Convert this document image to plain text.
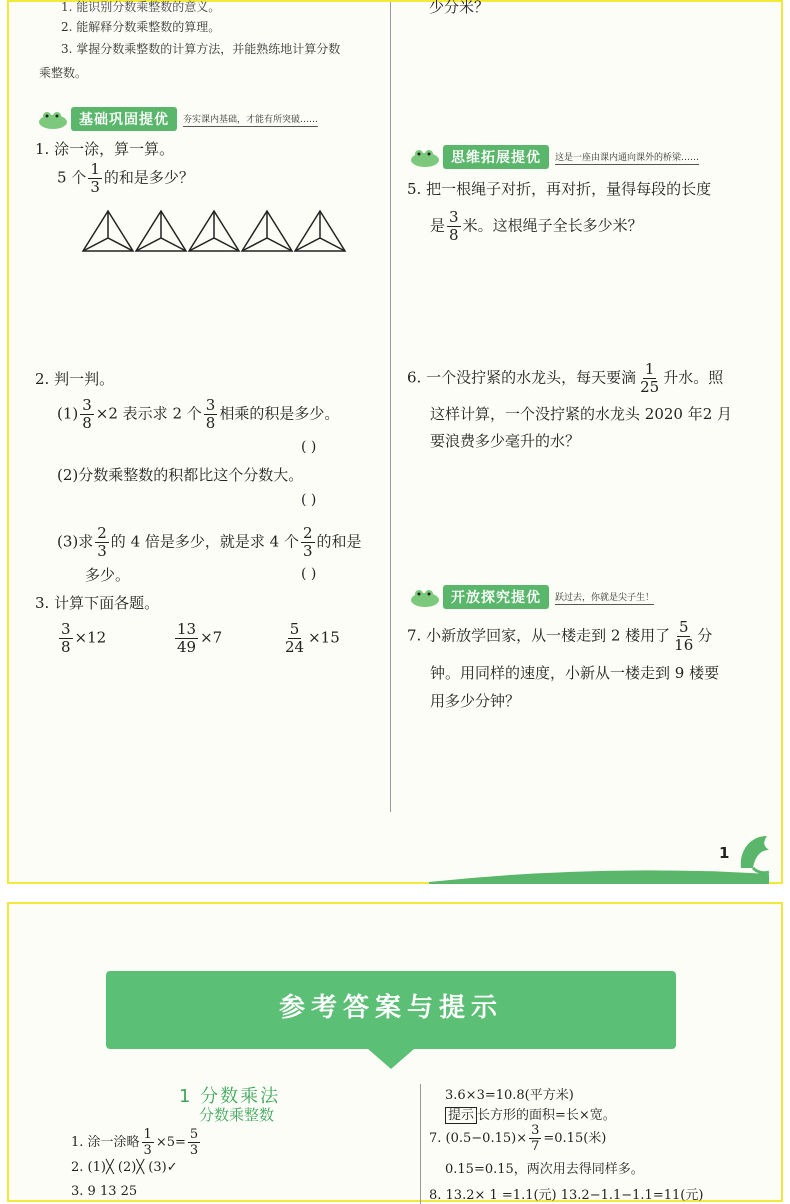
1. 能识别分数乘整数的意义。
2. 能解释分数乘整数的算理。
3. 掌握分数乘整数的计算方法，并能熟练地计算分数
乘整数。
少分米？
基础巩固提优	夯实课内基础，才能有所突破……
1. 涂一涂，算一算。
5 个 $\frac{1}{3}$ 的和是多少？
2. 判一判。
$(1) \frac{3}{8} \times 2$ 表示求 2 个 $\frac{3}{8}$ 相乘的积是多少。
( )
(2)分数乘整数的积都比这个分数大。
( )
(3)求 $\frac{2}{3}$ 的 4 倍是多少，就是求 4 个 $\frac{2}{3}$ 的和是
多少。	( )
3. 计算下面各题。
$\frac{3}{8} \times 12$	$\frac{13}{49} \times 7$	$\frac{5}{24} \times 15$
思维拓展提优	这是一座由课内通向课外的桥梁……
5. 把一根绳子对折，再对折，量得每段的长度
是 $\frac{3}{8}$ 米。这根绳子全长多少米？
6. 一个没拧紧的水龙头，每天要滴 $\frac{1}{25}$ 升水。照
这样计算，一个没拧紧的水龙头 2020 年2 月
要浪费多少毫升的水？
开放探究提优	跃过去，你就是尖子生！
7. 小新放学回家，从一楼走到 2 楼用了 $\frac{5}{16}$ 分
钟。用同样的速度，小新从一楼走到 9 楼要
用多少分钟？
1
参考答案与提示
1 分数乘法
分数乘整数
1. 涂一涂略 $\frac{1}{3} \times 5= \frac{5}{3}$
2. (1)╳ (2)╳ (3)✓
3. 9 13 25
3.6×3=10.8(平方米)
提示 长方形的面积=长×宽。
7. $(0.5-0.15)\times \frac{3}{7} =0.15$(米)
0.15=0.15，两次用去得同样多。
8. 13.2× 1 =1.1(元) 13.2−1.1−1.1=11(元)
